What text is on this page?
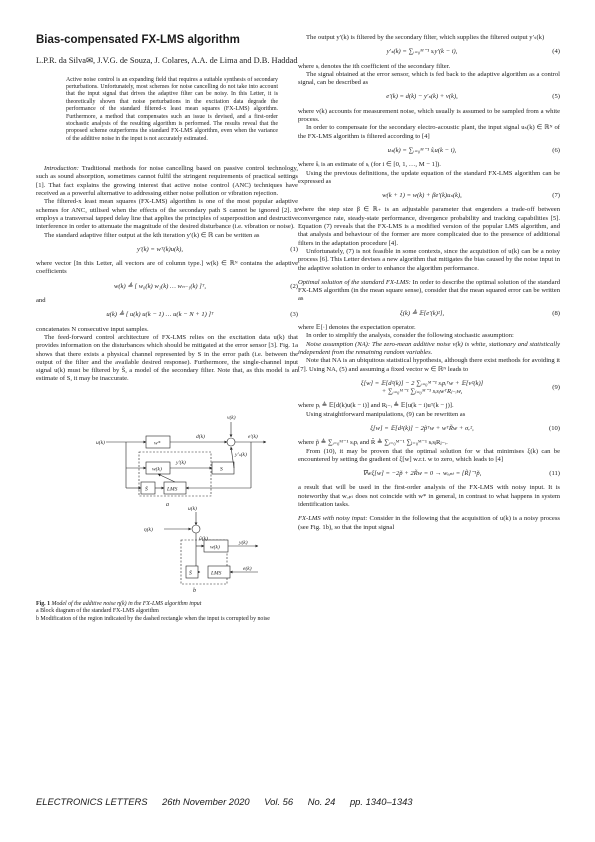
Bias-compensated FX-LMS algorithm
L.P.R. da Silva✉, J.V.G. de Souza, J. Colares, A.A. de Lima and D.B. Haddad
Active noise control is an expanding field that requires a suitable synthesis of secondary perturbations. Unfortunately, most schemes for noise cancelling do not take into account that the input signal that drives the adaptive filter can be noisy. In this Letter, it is theoretically shown that noise perturbations in the excitation data degrade the performance of the standard filtered-x least mean squares (FX-LMS) algorithm. Furthermore, a method that compensates such an issue is devised, and a first-order stochastic analysis of the resulting algorithm is performed. The results reveal that the proposed scheme outperforms the standard FX-LMS algorithm, even when the variance of the additive noise in the input is not accurately estimated.

Introduction: Traditional methods for noise cancelling based on passive control technology, such as sound absorption, sometimes cannot fulfil the stringent requirements of practical settings [1]. That fact explains the growing interest that active noise control (ANC) techniques have received as a powerful alternative to addressing either noise pollution or vibration rejection.

The filtered-x least mean squares (FX-LMS) algorithm is one of the most popular adaptive schemes for ANC, utilised when the effects of the secondary path S cannot be ignored [2]. It employs a transversal tapped delay line that applies the principles of superposition and destructive interference in order to attenuate the magnitude of the desired disturbance (i.e. vibration or noise).

The standard adaptive filter output at the kth iteration y′(k) ∈ ℝ can be written as

y′(k) = wᵀ(k)u(k),	(1)

where vector [In this Letter, all vectors are of column type.] w(k) ∈ ℝᴺ contains the adaptive coefficients

w(k) ≜ [ w₀(k) w₁(k) … wₙ₋₁(k) ]ᵀ,	(2)

and

u(k) ≜ [ u(k) u(k − 1) … u(k − N + 1) ]ᵀ	(3)

concatenates N consecutive input samples.

The feed-forward control architecture of FX-LMS relies on the excitation data u(k) that provides information on the disturbances which should be mitigated at the error sensor [3]. Fig. 1a shows that there exists a physical channel represented by S in the error path (i.e. between the output of the filter and the available desired response). Furthermore, the single-channel input signal u(k) must be filtered by Ŝ, a model of the secondary filter. Note that, as this model is an estimate of S, it may be inaccurate.

u(k)	w*
d(k)
v(k)
e′(k)
w(k)
y′(k)
S
y′ₛ(k)
Ŝ	LMS
a
u(k)
η(k)
ũ(k)
w(k)
y(k)
Ŝ	LMS
e(k)
b
Fig. 1 Model of the additive noise η(k) in the FX-LMS algorithm input
a Block diagram of the standard FX-LMS algorithm
b Modification of the region indicated by the dashed rectangle when the input is corrupted by noise

The output y′(k) is filtered by the secondary filter, which supplies the filtered output y′ₛ(k)

y′ₛ(k) = ∑ᵢ₌₀ᴹ⁻¹ sᵢy′(k − i),	(4)

where sᵢ denotes the ith coefficient of the secondary filter.

The signal obtained at the error sensor, which is fed back to the adaptive algorithm as a control signal, can be described as

e′(k) = d(k) − y′ₛ(k) + v(k),	(5)

where v(k) accounts for measurement noise, which usually is assumed to be sampled from a white process.

In order to compensate for the secondary electro-acoustic plant, the input signal uₛ(k) ∈ ℝᴺ of the FX-LMS algorithm is filtered according to [4]

uₛ(k) = ∑ᵢ₌₀ᴹ⁻¹ ŝᵢu(k − i),	(6)

where ŝᵢ is an estimate of sᵢ (for i ∈ [0, 1, …, M − 1]).

Using the previous definitions, the update equation of the standard FX-LMS algorithm can be expressed as

w(k + 1) = w(k) + βe′(k)uₛ(k),	(7)

where the step size β ∈ ℝ₊ is an adjustable parameter that engenders a trade-off between convergence rate, steady-state performance, divergence probability and tracking capabilities [5]. Equation (7) reveals that the FX-LMS is a modified version of the popular LMS algorithm, and that analysis and behaviour of the former are more complicated due to the presence of additional filters in the adaptation procedure [4].

Unfortunately, (7) is not feasible in some contexts, since the acquisition of u(k) can be a noisy process [6]. This Letter devises a new algorithm that mitigates the bias caused by the noise input in the adaptive solution in order to enhance the algorithm performance.

Optimal solution of the standard FX-LMS: In order to describe the optimal solution of the standard FX-LMS algorithm (in the mean square sense), consider that the mean squared error can be written as

ξ(k) ≜ 𝔼[e′(k)²],	(8)

where 𝔼[·] denotes the expectation operator.

In order to simplify the analysis, consider the following stochastic assumption:

Noise assumption (NA): The zero-mean additive noise v(k) is white, stationary and statistically independent from the remaining random variables.

Note that NA is an ubiquitous statistical hypothesis, although there exist methods for avoiding it [7]. Using NA, (5) and assuming a fixed vector w ∈ ℝᴺ leads to

ξ[w] = 𝔼[d²(k)] − 2 ∑ᵢ₌₀ᴹ⁻¹ sᵢpᵢᵀw + 𝔼[v²(k)]
+ ∑ᵢ₌₀ᴹ⁻¹ ∑ⱼ₌₀ᴹ⁻¹ sᵢsⱼwᵀRⱼ₋ᵢw,
(9)

where pᵢ ≜ 𝔼[d(k)u(k − i)] and Rⱼ₋ᵢ ≜ 𝔼[u(k − i)uᵀ(k − j)].

Using straightforward manipulations, (9) can be rewritten as

ξ[w] = 𝔼[d²(k)] − 2p̃ᵀw + wᵀR̃w + σᵥ²,	(10)

where p̃ ≜ ∑ᵢ₌₀ᴹ⁻¹ sᵢpᵢ and R̃ ≜ ∑ᵢ₌₀ᴹ⁻¹ ∑ⱼ₌₀ᴹ⁻¹ sᵢsⱼRⱼ₋ᵢ.

From (10), it may be proven that the optimal solution for w that minimises ξ(k) can be encountered by setting the gradient of ξ[w] w.r.t. w to zero, which leads to [4]

∇wξ[w] = −2p̃ + 2R̃w = 0 → wₒₚₜ = [R̃]⁻¹p̃,	(11)

a result that will be used in the first-order analysis of the FX-LMS with noisy input. It is noteworthy that wₒₚₜ does not coincide with w* in general, in contrast to what happens in system identification tasks.

FX-LMS with noisy input: Consider in the following that the acquisition of u(k) is a noisy process (see Fig. 1b), so that the input signal

ELECTRONICS LETTERS 26th November 2020 Vol. 56 No. 24 pp. 1340–1343
